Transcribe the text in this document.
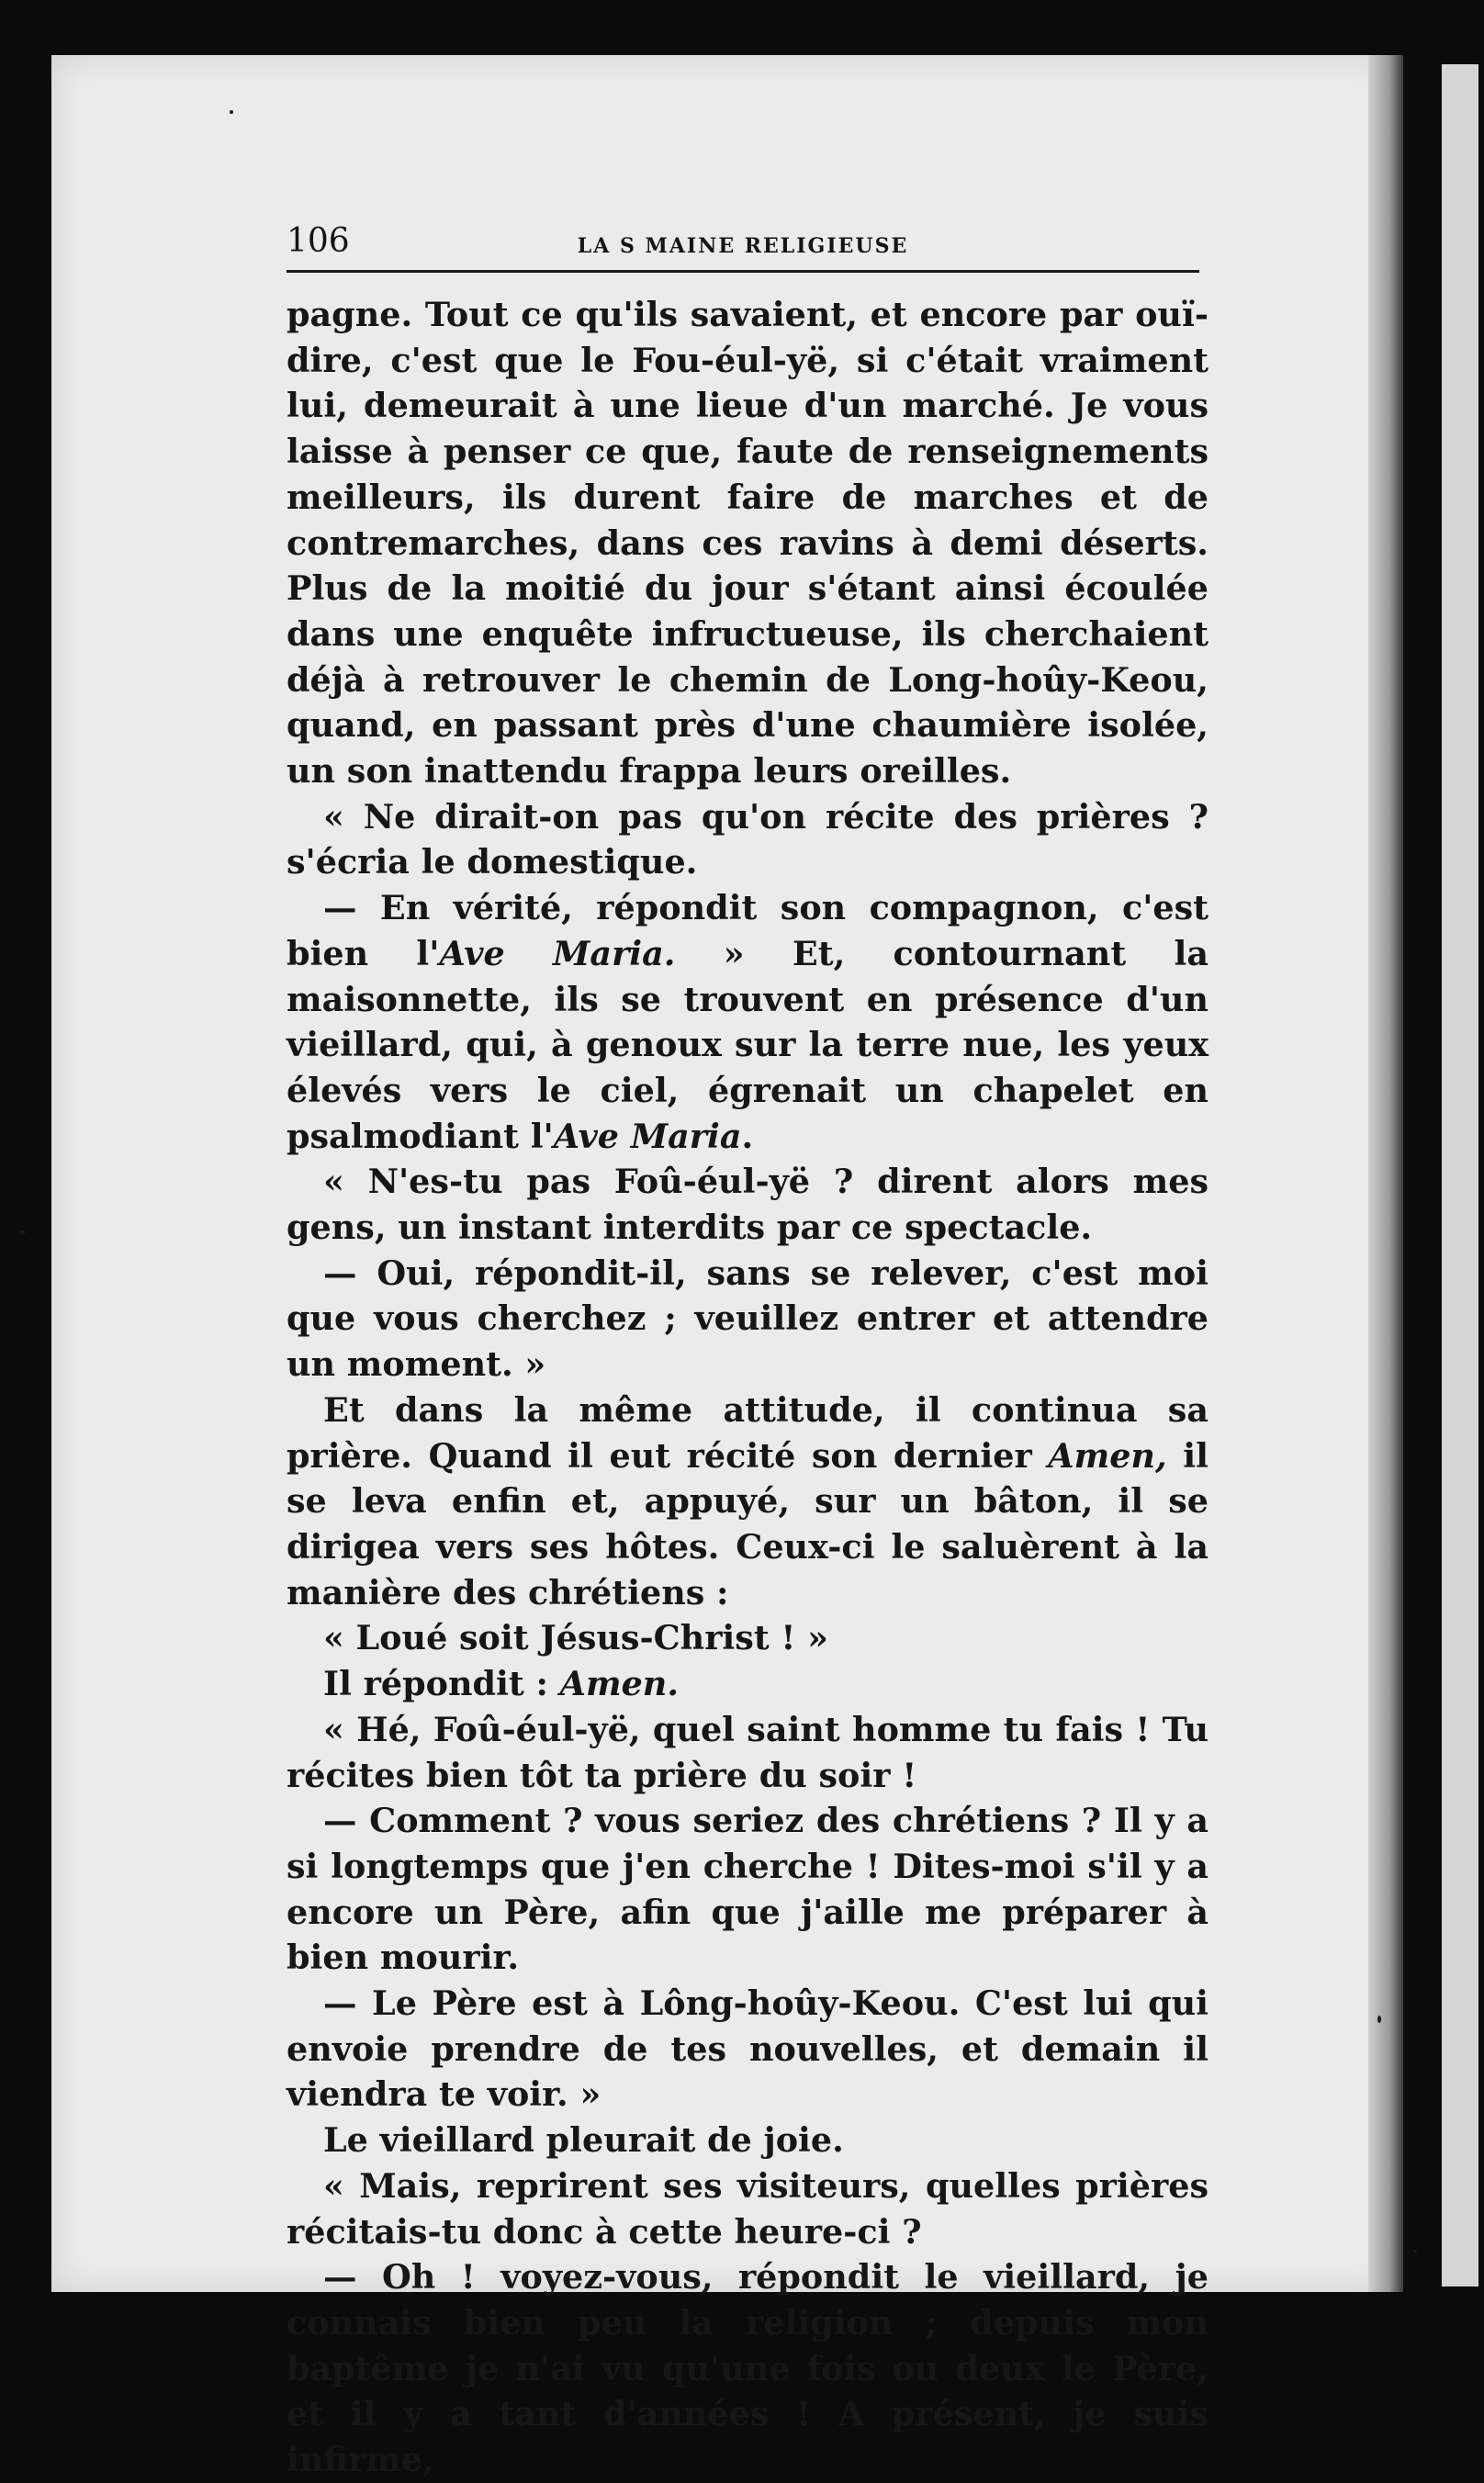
106	LA S MAINE RELIGIEUSE

pagne. Tout ce qu'ils savaient, et encore par ouï-dire, c'est que le Fou-éul-yë, si c'était vraiment lui, demeurait à une lieue d'un marché. Je vous laisse à penser ce que, faute de renseignements meilleurs, ils durent faire de marches et de contremarches, dans ces ravins à demi déserts. Plus de la moitié du jour s'étant ainsi écoulée dans une enquête infructueuse, ils cherchaient déjà à retrouver le chemin de Long-hoûy-Keou, quand, en passant près d'une chaumière isolée, un son inattendu frappa leurs oreilles.

« Ne dirait-on pas qu'on récite des prières ? s'écria le domestique.

— En vérité, répondit son compagnon, c'est bien l'Ave Maria. » Et, contournant la maisonnette, ils se trouvent en présence d'un vieillard, qui, à genoux sur la terre nue, les yeux élevés vers le ciel, égrenait un chapelet en psalmodiant l'Ave Maria.

« N'es-tu pas Foû-éul-yë ? dirent alors mes gens, un instant interdits par ce spectacle.

— Oui, répondit-il, sans se relever, c'est moi que vous cherchez ; veuillez entrer et attendre un moment. »

Et dans la même attitude, il continua sa prière. Quand il eut récité son dernier Amen, il se leva enfin et, appuyé, sur un bâton, il se dirigea vers ses hôtes. Ceux-ci le saluèrent à la manière des chrétiens :

« Loué soit Jésus-Christ ! »

Il répondit : Amen.

« Hé, Foû-éul-yë, quel saint homme tu fais ! Tu récites bien tôt ta prière du soir !

— Comment ? vous seriez des chrétiens ? Il y a si longtemps que j'en cherche ! Dites-moi s'il y a encore un Père, afin que j'aille me préparer à bien mourir.

— Le Père est à Lông-hoûy-Keou. C'est lui qui envoie prendre de tes nouvelles, et demain il viendra te voir. »

Le vieillard pleurait de joie.

« Mais, reprirent ses visiteurs, quelles prières récitais-tu donc à cette heure-ci ?

— Oh ! voyez-vous, répondit le vieillard, je connais bien peu la religion ; depuis mon baptême je n'ai vu qu'une fois ou deux le Père, et il y a tant d'années ! A présent, je suis infirme,
